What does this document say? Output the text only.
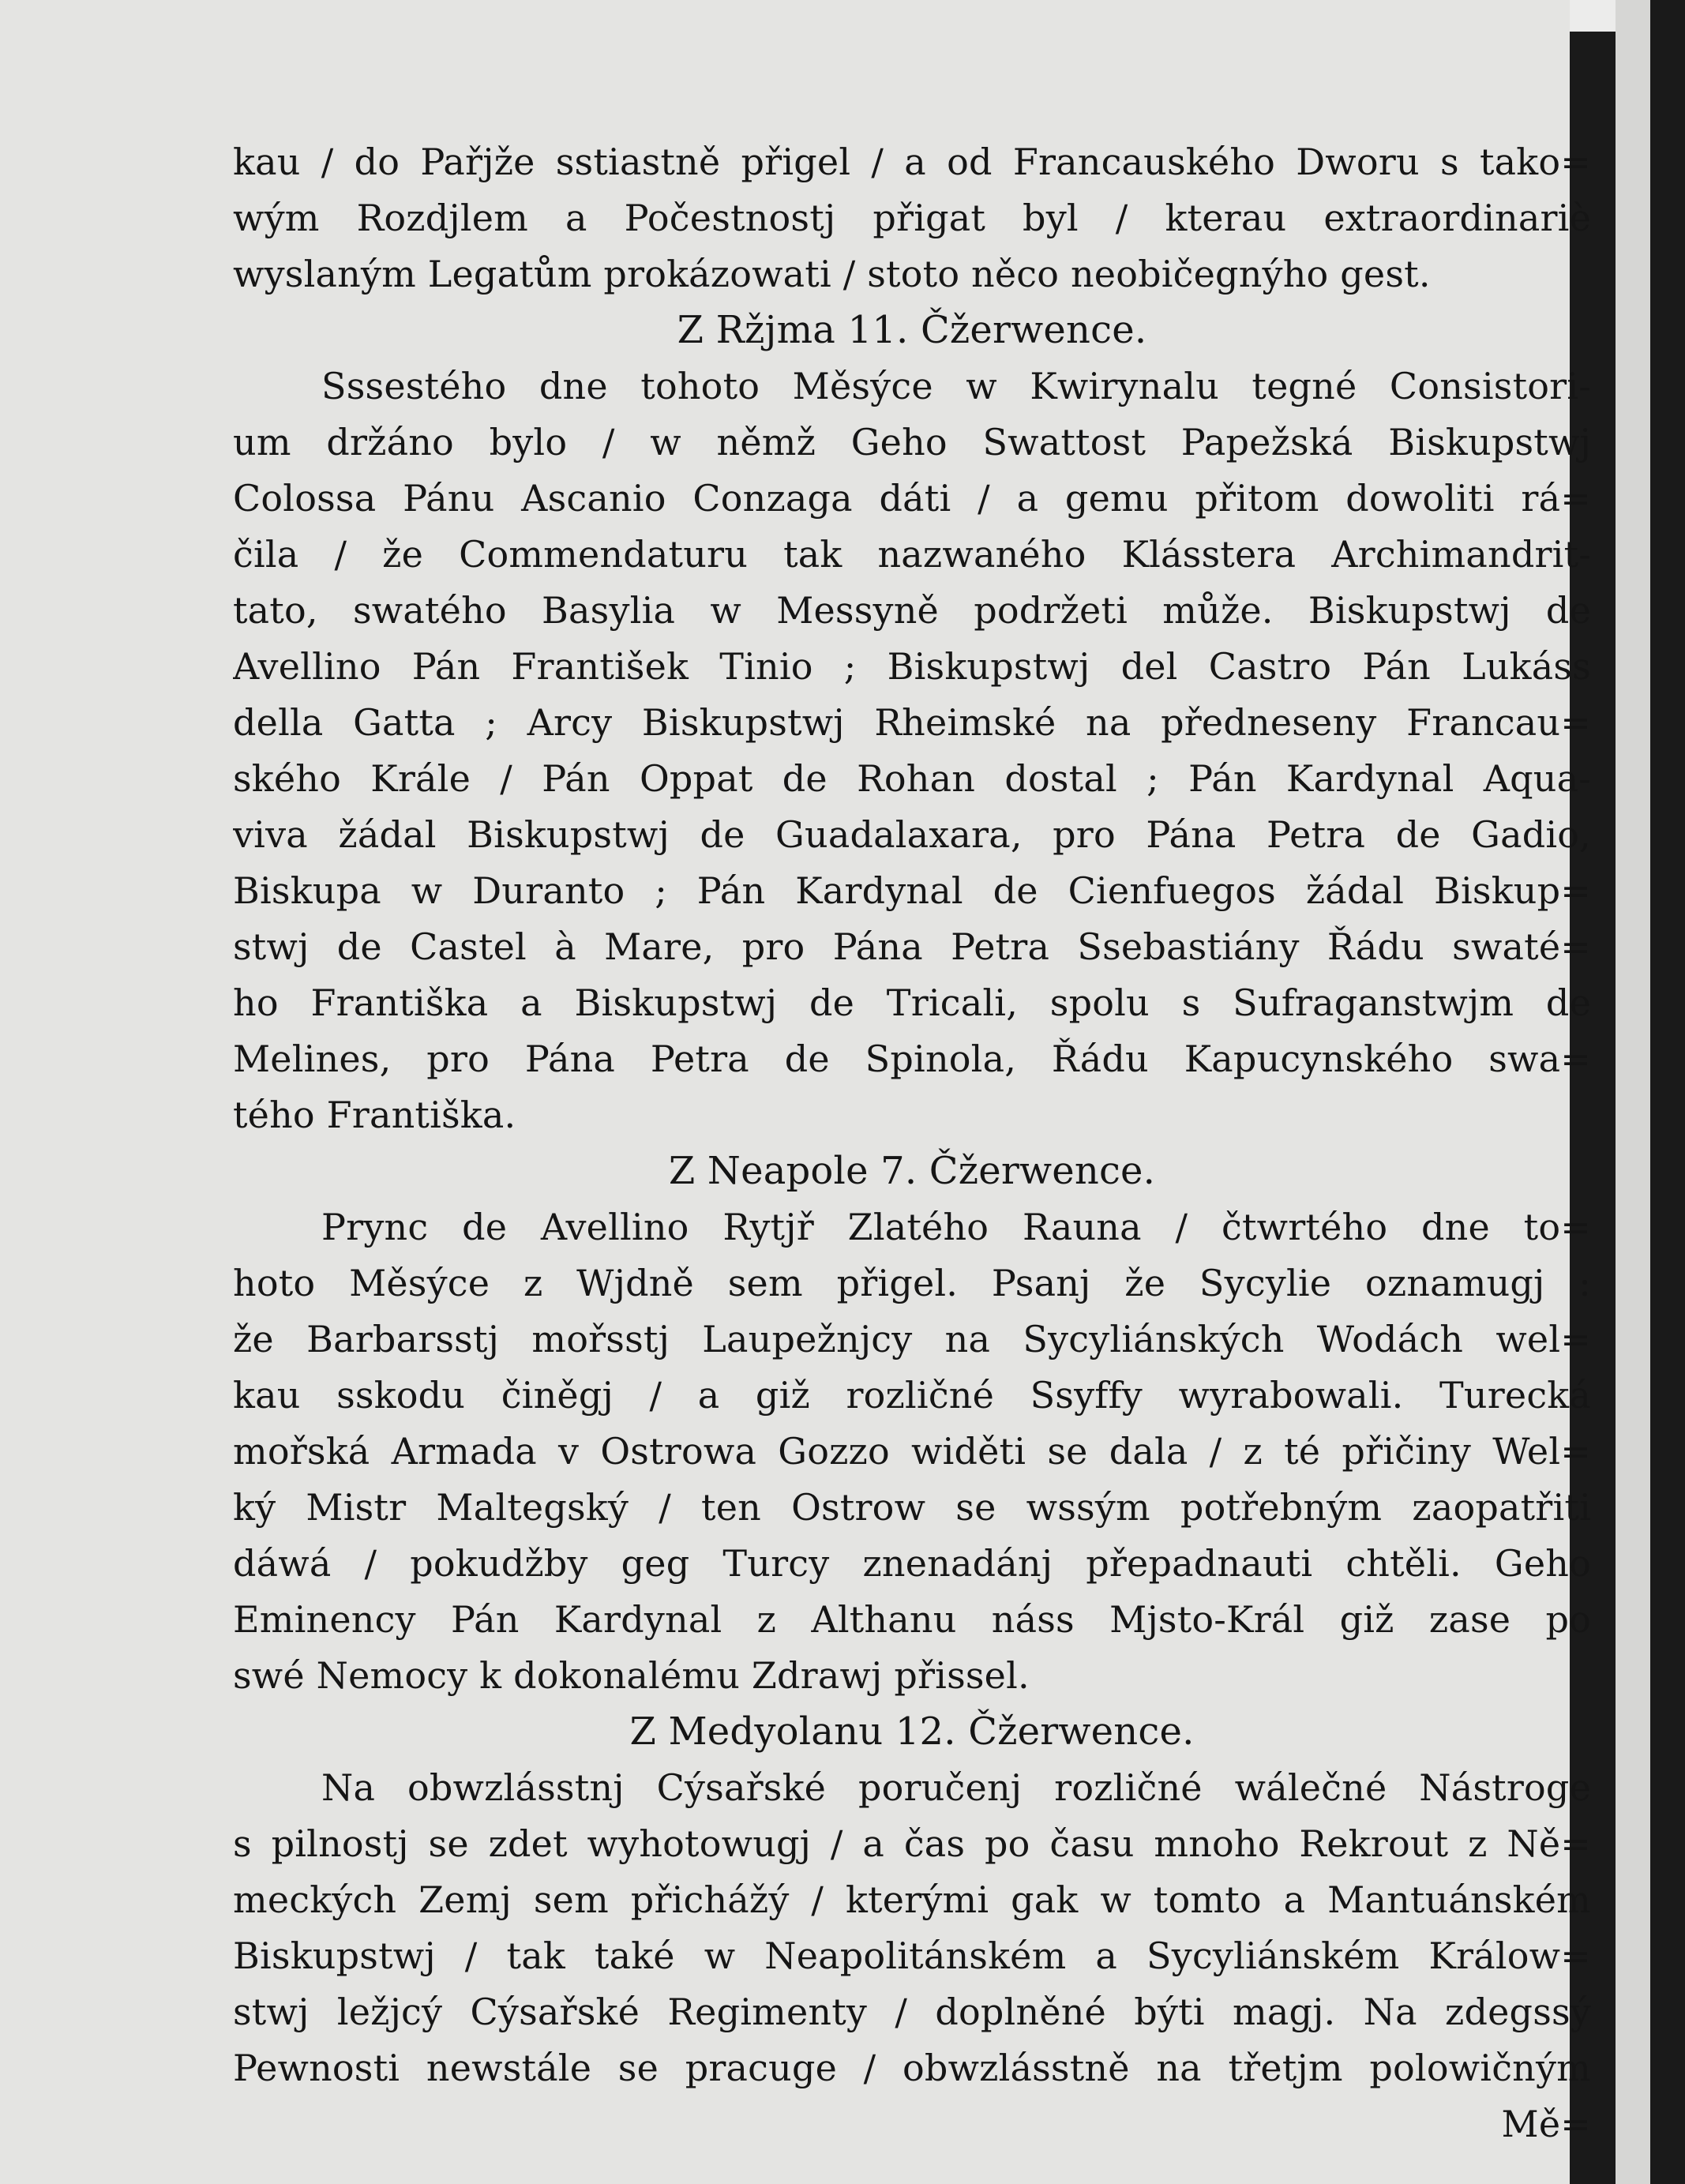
kau / do Pařjže sstiastně přigel / a od Francauského Dworu s tako=
wým Rozdjlem a Počestnostj přigat byl / kterau extraordinariè
wyslaným Legatům prokázowati / stoto něco neobičegnýho gest.
Z Ržjma 11. Čžerwence.
Sssestého dne tohoto Měsýce w Kwirynalu tegné Consistori-
um držáno bylo / w němž Geho Swattost Papežská Biskupstwj
Colossa Pánu Ascanio Conzaga dáti / a gemu přitom dowoliti rá=
čila / že Commendaturu tak nazwaného Klásstera Archimandrit-
tato, swatého Basylia w Messyně podržeti může. Biskupstwj de
Avellino Pán František Tinio ; Biskupstwj del Castro Pán Lukáss
della Gatta ; Arcy Biskupstwj Rheimské na předneseny Francau=
ského Krále / Pán Oppat de Rohan dostal ; Pán Kardynal Aqua-
viva žádal Biskupstwj de Guadalaxara, pro Pána Petra de Gadio,
Biskupa w Duranto ; Pán Kardynal de Cienfuegos žádal Biskup=
stwj de Castel à Mare, pro Pána Petra Ssebastiány Řádu swaté=
ho Františka a Biskupstwj de Tricali, spolu s Sufraganstwjm de
Melines, pro Pána Petra de Spinola, Řádu Kapucynského swa=
tého Františka.
Z Neapole 7. Čžerwence.
Prync de Avellino Rytjř Zlatého Rauna / čtwrtého dne to=
hoto Měsýce z Wjdně sem přigel. Psanj že Sycylie oznamugj :
že Barbarsstj mořsstj Laupežnjcy na Sycyliánských Wodách wel=
kau sskodu činěgj / a giž rozličné Ssyffy wyrabowali. Turecká
mořská Armada v Ostrowa Gozzo widěti se dala / z té přičiny Wel=
ký Mistr Maltegský / ten Ostrow se wssým potřebným zaopatřiti
dáwá / pokudžby geg Turcy znenadánj přepadnauti chtěli. Geho
Eminency Pán Kardynal z Althanu náss Mjsto-Král giž zase po
swé Nemocy k dokonalému Zdrawj přissel.
Z Medyolanu 12. Čžerwence.
Na obwzlásstnj Cýsařské poručenj rozličné wálečné Nástroge
s pilnostj se zdet wyhotowugj / a čas po času mnoho Rekrout z Ně=
meckých Zemj sem přichážý / kterými gak w tomto a Mantuánském
Biskupstwj / tak také w Neapolitánském a Sycyliánském Králow=
stwj ležjcý Cýsařské Regimenty / doplněné býti magj. Na zdegssý
Pewnosti newstále se pracuge / obwzlásstně na třetjm polowičným
Mě=
